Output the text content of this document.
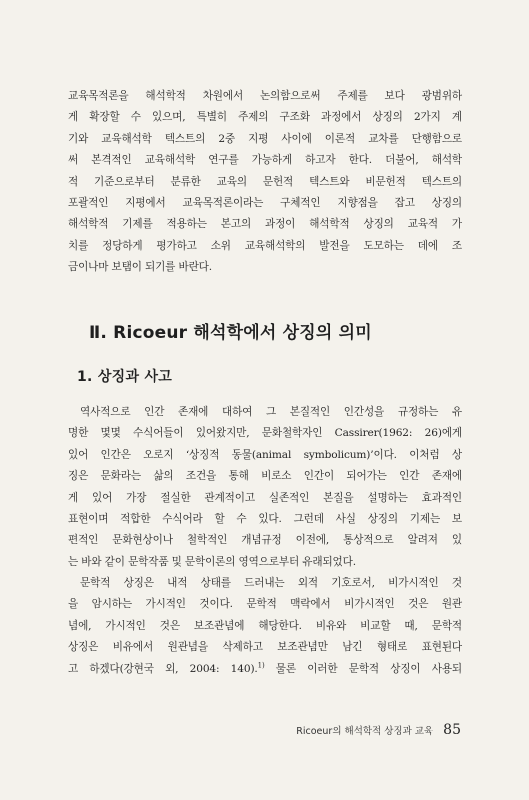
교육목적론을 해석학적 차원에서 논의함으로써 주제를 보다 광범위하
게 확장할 수 있으며, 특별히 주제의 구조화 과정에서 상징의 2가지 계
기와 교육해석학 텍스트의 2중 지평 사이에 이론적 교차를 단행함으로
써 본격적인 교육해석학 연구를 가능하게 하고자 한다. 더불어, 해석학
적 기준으로부터 분류한 교육의 문헌적 텍스트와 비문헌적 텍스트의
포괄적인 지평에서 교육목적론이라는 구체적인 지향점을 잡고 상징의
해석학적 기제를 적용하는 본고의 과정이 해석학적 상징의 교육적 가
치를 정당하게 평가하고 소위 교육해석학의 발전을 도모하는 데에 조
금이나마 보탬이 되기를 바란다.
Ⅱ. Ricoeur 해석학에서 상징의 의미
1. 상징과 사고
역사적으로 인간 존재에 대하여 그 본질적인 인간성을 규정하는 유
명한 몇몇 수식어들이 있어왔지만, 문화철학자인 Cassirer(1962: 26)에게
있어 인간은 오로지 ‘상징적 동물(animal symbolicum)’이다. 이처럼 상
징은 문화라는 삶의 조건을 통해 비로소 인간이 되어가는 인간 존재에
게 있어 가장 절실한 관계적이고 실존적인 본질을 설명하는 효과적인
표현이며 적합한 수식어라 할 수 있다. 그런데 사실 상징의 기제는 보
편적인 문화현상이나 철학적인 개념규정 이전에, 통상적으로 알려져 있
는 바와 같이 문학작품 및 문학이론의 영역으로부터 유래되었다.
문학적 상징은 내적 상태를 드러내는 외적 기호로서, 비가시적인 것
을 암시하는 가시적인 것이다. 문학적 맥락에서 비가시적인 것은 원관
념에, 가시적인 것은 보조관념에 해당한다. 비유와 비교할 때, 문학적
상징은 비유에서 원관념을 삭제하고 보조관념만 남긴 형태로 표현된다
고 하겠다(강현국 외, 2004: 140).$^{1)}$ 물론 이러한 문학적 상징이 사용되
Ricoeur의 해석학적 상징과 교육 85
